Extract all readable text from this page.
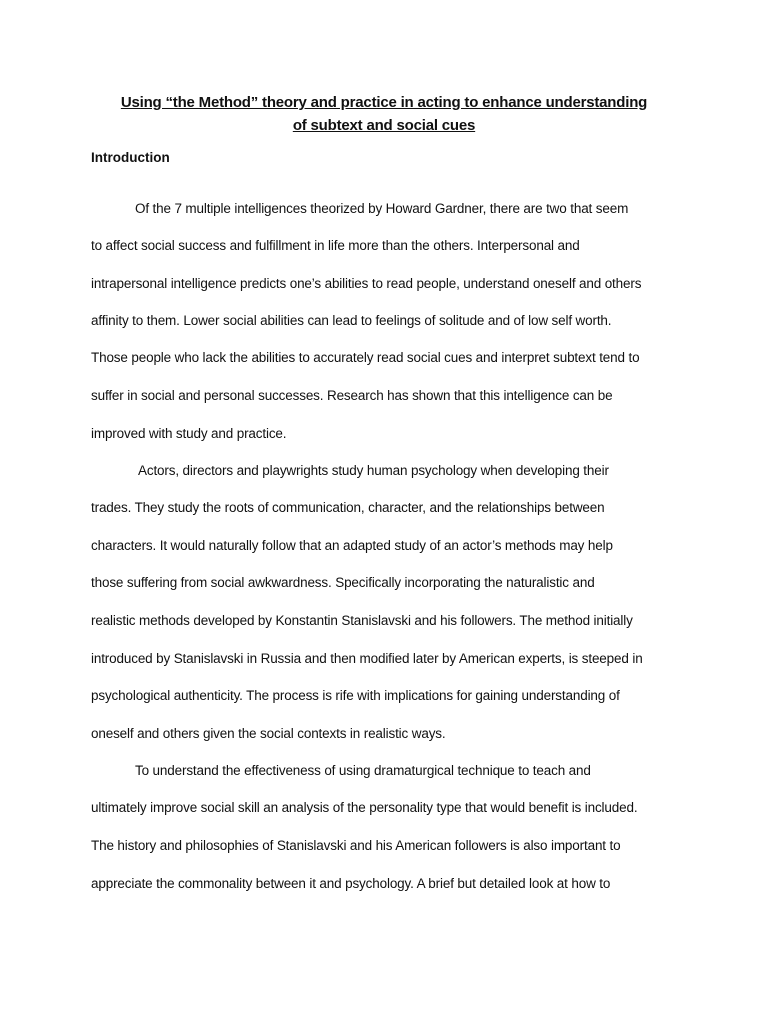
Using “the Method” theory and practice in acting to enhance understanding
of subtext and social cues
Introduction
Of the 7 multiple intelligences theorized by Howard Gardner, there are two that seem
to affect social success and fulfillment in life more than the others. Interpersonal and
intrapersonal intelligence predicts one’s abilities to read people, understand oneself and others
affinity to them. Lower social abilities can lead to feelings of solitude and of low self worth.
Those people who lack the abilities to accurately read social cues and interpret subtext tend to
suffer in social and personal successes. Research has shown that this intelligence can be
improved with study and practice.
Actors, directors and playwrights study human psychology when developing their
trades. They study the roots of communication, character, and the relationships between
characters. It would naturally follow that an adapted study of an actor’s methods may help
those suffering from social awkwardness. Specifically incorporating the naturalistic and
realistic methods developed by Konstantin Stanislavski and his followers. The method initially
introduced by Stanislavski in Russia and then modified later by American experts, is steeped in
psychological authenticity. The process is rife with implications for gaining understanding of
oneself and others given the social contexts in realistic ways.
To understand the effectiveness of using dramaturgical technique to teach and
ultimately improve social skill an analysis of the personality type that would benefit is included.
The history and philosophies of Stanislavski and his American followers is also important to
appreciate the commonality between it and psychology. A brief but detailed look at how to
